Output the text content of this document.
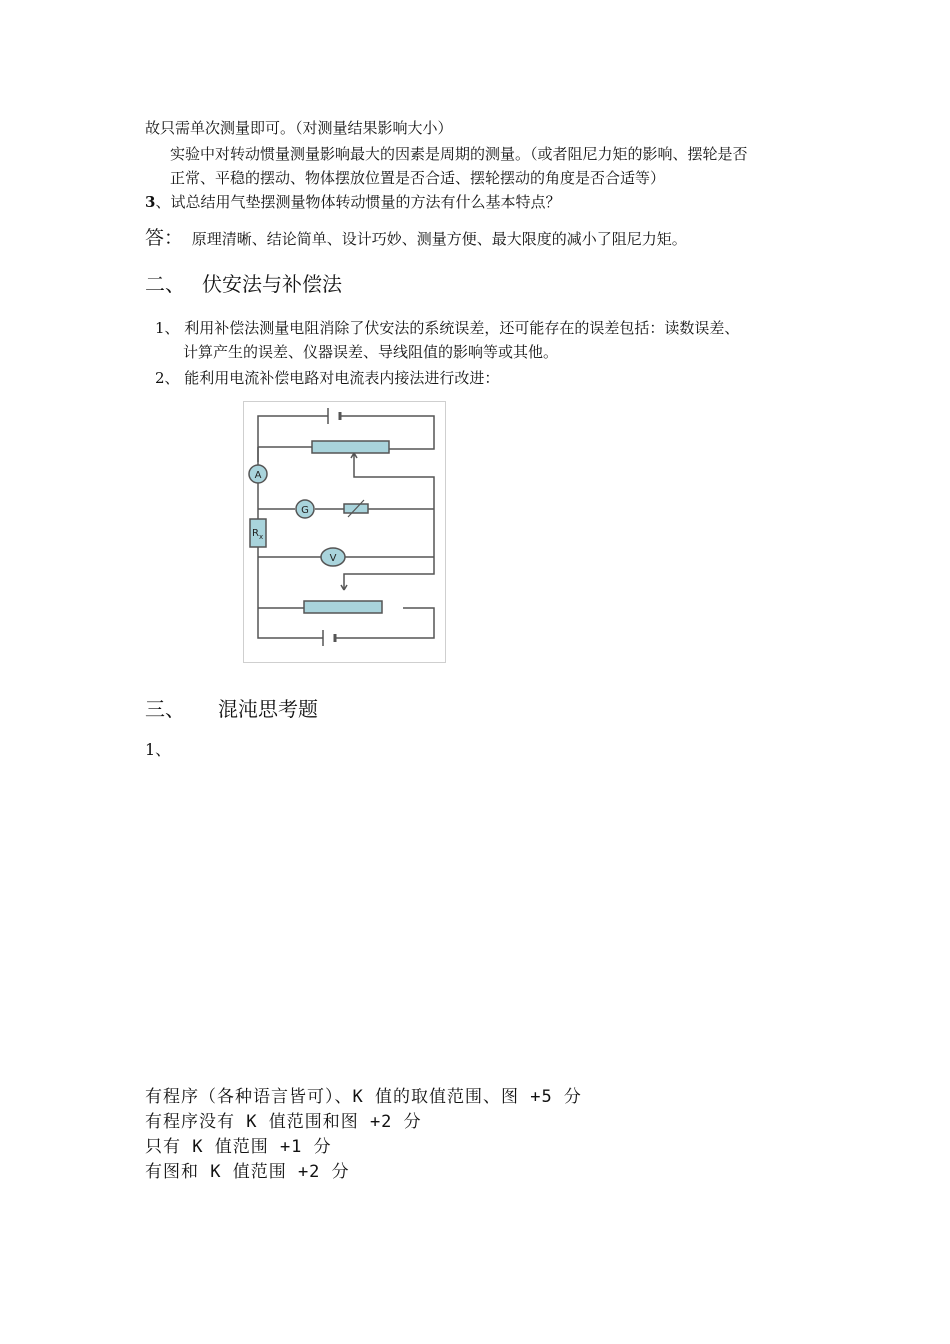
故只需单次测量即可。（对测量结果影响大小）
实验中对转动惯量测量影响最大的因素是周期的测量。（或者阻尼力矩的影响、摆轮是否
正常、平稳的摆动、物体摆放位置是否合适、摆轮摆动的角度是否合适等）
3、试总结用气垫摆测量物体转动惯量的方法有什么基本特点？
答： 原理清晰、结论简单、设计巧妙、测量方便、最大限度的减小了阻尼力矩。
二、 伏安法与补偿法
1、 利用补偿法测量电阻消除了伏安法的系统误差，还可能存在的误差包括：读数误差、
计算产生的误差、仪器误差、导线阻值的影响等或其他。
2、 能利用电流补偿电路对电流表内接法进行改进：
A
G
$R_x$
V
三、 混沌思考题
1、
有程序（各种语言皆可）、K 值的取值范围、图 +5 分
有程序没有 K 值范围和图 +2 分
只有 K 值范围 +1 分
有图和 K 值范围 +2 分
